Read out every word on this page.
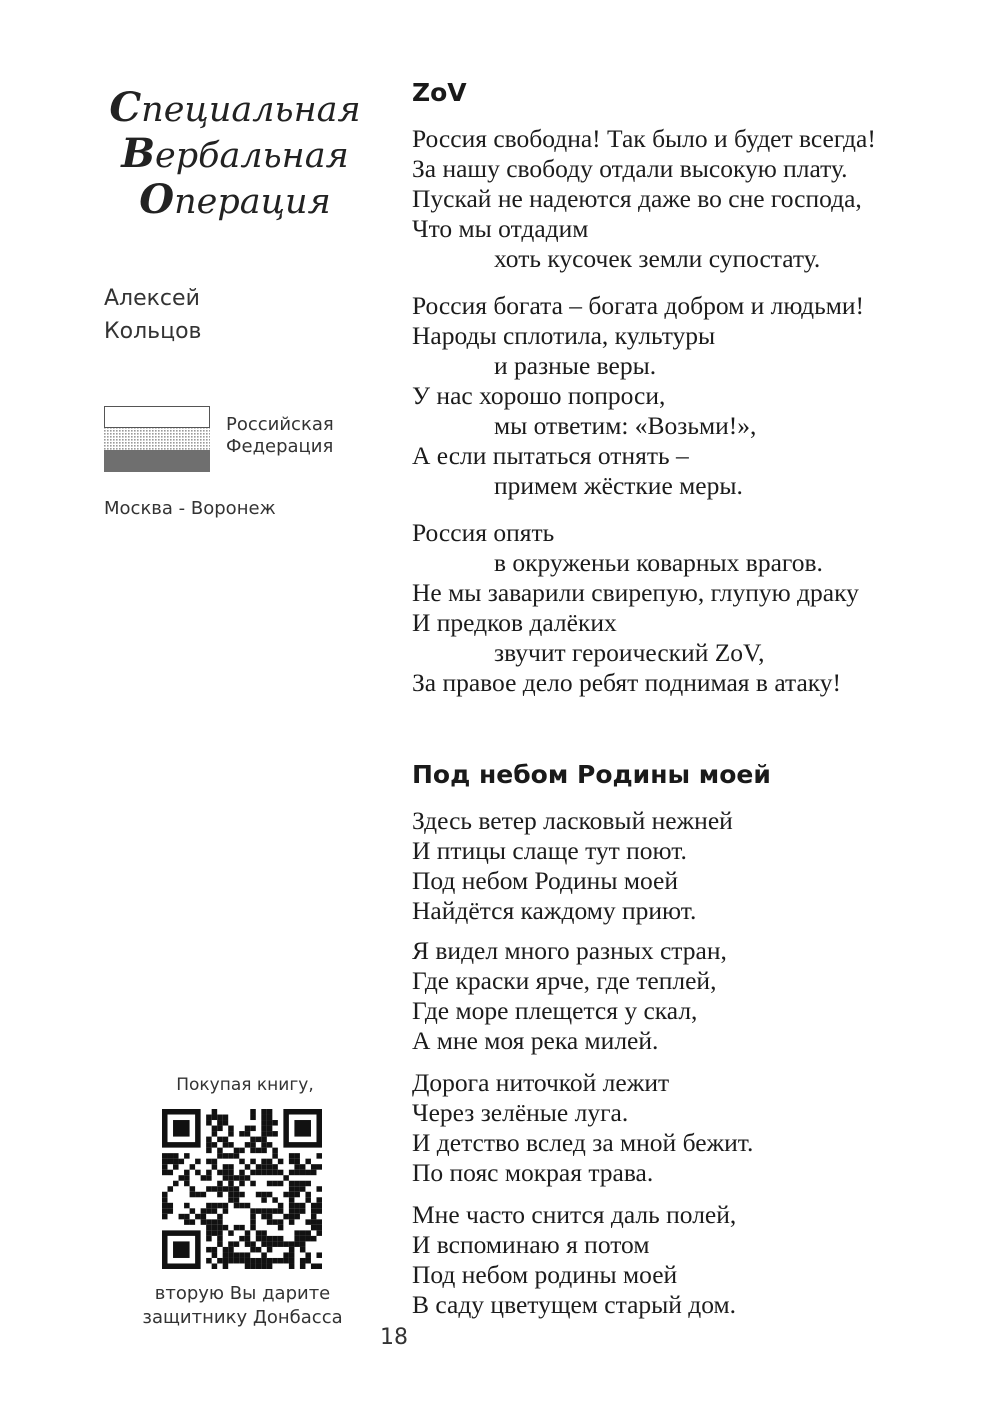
Специальная
Вербальная
Операция
Алексей
Кольцов
Российская
Федерация
Москва - Воронеж
Покупая книгу,
вторую Вы дарите
защитнику Донбасса
18
ZoV
Россия свободна! Так было и будет всегда!
За нашу свободу отдали высокую плату.
Пускай не надеются даже во сне господа,
Что мы отдадим
хоть кусочек земли супостату.
Россия богата – богата добром и людьми!
Народы сплотила, культуры
и разные веры.
У нас хорошо попроси,
мы ответим: «Возьми!»,
А если пытаться отнять –
примем жёсткие меры.
Россия опять
в окруженьи коварных врагов.
Не мы заварили свирепую, глупую драку
И предков далёких
звучит героический ZoV,
За правое дело ребят поднимая в атаку!
Под небом Родины моей
Здесь ветер ласковый нежней
И птицы слаще тут поют.
Под небом Родины моей
Найдётся каждому приют.
Я видел много разных стран,
Где краски ярче, где теплей,
Где море плещется у скал,
А мне моя река милей.
Дорога ниточкой лежит
Через зелёные луга.
И детство вслед за мной бежит.
По пояс мокрая трава.
Мне часто снится даль полей,
И вспоминаю я потом
Под небом родины моей
В саду цветущем старый дом.
